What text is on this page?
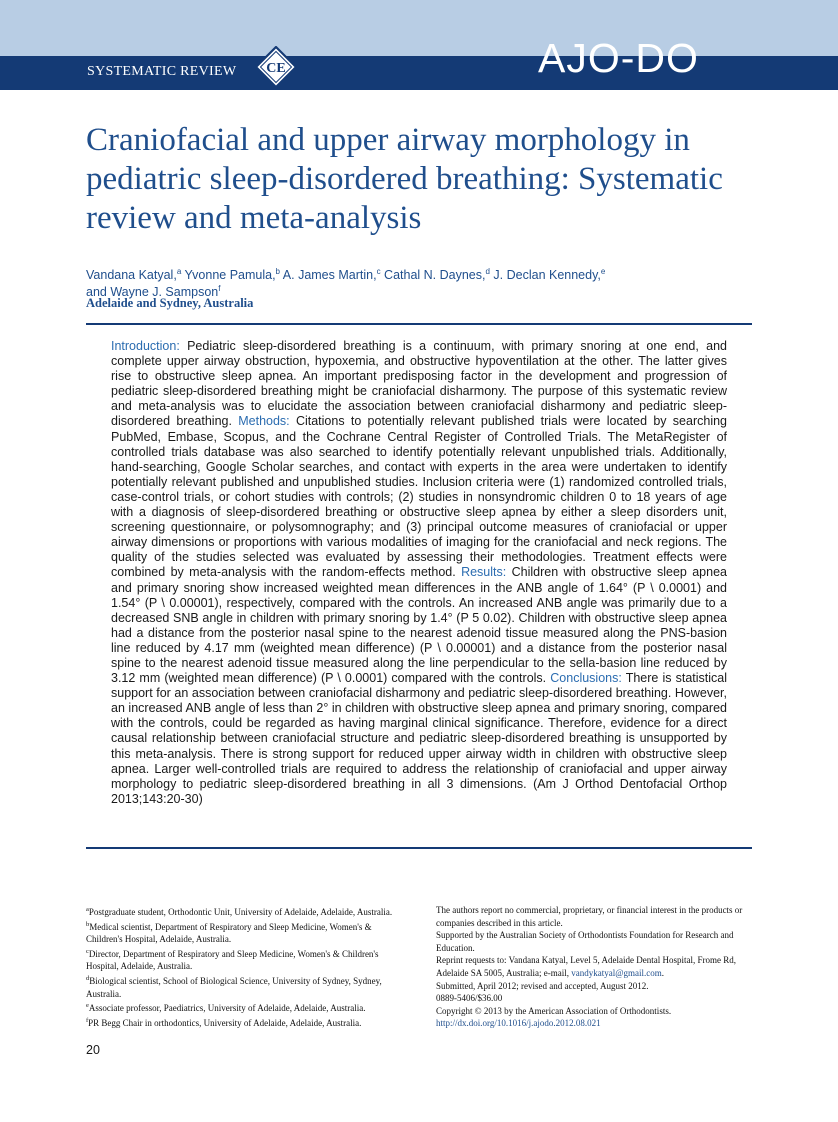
SYSTEMATIC REVIEW CE	AJO-DO
Craniofacial and upper airway morphology in pediatric sleep-disordered breathing: Systematic review and meta-analysis
Vandana Katyal,$^a$ Yvonne Pamula,$^b$ A. James Martin,$^c$ Cathal N. Daynes,$^d$ J. Declan Kennedy,$^e$
and Wayne J. Sampson$^f$
Adelaide and Sydney, Australia

Introduction: Pediatric sleep-disordered breathing is a continuum, with primary snoring at one end, and complete upper airway obstruction, hypoxemia, and obstructive hypoventilation at the other. The latter gives rise to obstructive sleep apnea. An important predisposing factor in the development and progression of pediatric sleep-disordered breathing might be craniofacial disharmony. The purpose of this systematic review and meta-analysis was to elucidate the association between craniofacial disharmony and pediatric sleep-disordered breathing. Methods: Citations to potentially relevant published trials were located by searching PubMed, Embase, Scopus, and the Cochrane Central Register of Controlled Trials. The MetaRegister of controlled trials database was also searched to identify potentially relevant unpublished trials. Additionally, hand-searching, Google Scholar searches, and contact with experts in the area were undertaken to identify potentially relevant published and unpublished studies. Inclusion criteria were (1) randomized controlled trials, case-control trials, or cohort studies with controls; (2) studies in nonsyndromic children 0 to 18 years of age with a diagnosis of sleep-disordered breathing or obstructive sleep apnea by either a sleep disorders unit, screening questionnaire, or polysomnography; and (3) principal outcome measures of craniofacial or upper airway dimensions or proportions with various modalities of imaging for the craniofacial and neck regions. The quality of the studies selected was evaluated by assessing their methodologies. Treatment effects were combined by meta-analysis with the random-effects method. Results: Children with obstructive sleep apnea and primary snoring show increased weighted mean differences in the ANB angle of 1.64° (P \ 0.0001) and 1.54° (P \ 0.00001), respectively, compared with the controls. An increased ANB angle was primarily due to a decreased SNB angle in children with primary snoring by 1.4° (P 5 0.02). Children with obstructive sleep apnea had a distance from the posterior nasal spine to the nearest adenoid tissue measured along the PNS-basion line reduced by 4.17 mm (weighted mean difference) (P \ 0.00001) and a distance from the posterior nasal spine to the nearest adenoid tissue measured along the line perpendicular to the sella-basion line reduced by 3.12 mm (weighted mean difference) (P \ 0.0001) compared with the controls. Conclusions: There is statistical support for an association between craniofacial disharmony and pediatric sleep-disordered breathing. However, an increased ANB angle of less than 2° in children with obstructive sleep apnea and primary snoring, compared with the controls, could be regarded as having marginal clinical significance. Therefore, evidence for a direct causal relationship between craniofacial structure and pediatric sleep-disordered breathing is unsupported by this meta-analysis. There is strong support for reduced upper airway width in children with obstructive sleep apnea. Larger well-controlled trials are required to address the relationship of craniofacial and upper airway morphology to pediatric sleep-disordered breathing in all 3 dimensions. (Am J Orthod Dentofacial Orthop 2013;143:20-30)

$^a$Postgraduate student, Orthodontic Unit, University of Adelaide, Adelaide, Australia.
$^b$Medical scientist, Department of Respiratory and Sleep Medicine, Women's & Children's Hospital, Adelaide, Australia.
$^c$Director, Department of Respiratory and Sleep Medicine, Women's & Children's Hospital, Adelaide, Australia.
$^d$Biological scientist, School of Biological Science, University of Sydney, Sydney, Australia.
$^e$Associate professor, Paediatrics, University of Adelaide, Adelaide, Australia.
$^f$PR Begg Chair in orthodontics, University of Adelaide, Adelaide, Australia.
The authors report no commercial, proprietary, or financial interest in the products or companies described in this article.
Supported by the Australian Society of Orthodontists Foundation for Research and Education.
Reprint requests to: Vandana Katyal, Level 5, Adelaide Dental Hospital, Frome Rd, Adelaide SA 5005, Australia; e-mail, vandykatyal@gmail.com.
Submitted, April 2012; revised and accepted, August 2012.
0889-5406/$36.00
Copyright © 2013 by the American Association of Orthodontists.
http://dx.doi.org/10.1016/j.ajodo.2012.08.021
20
